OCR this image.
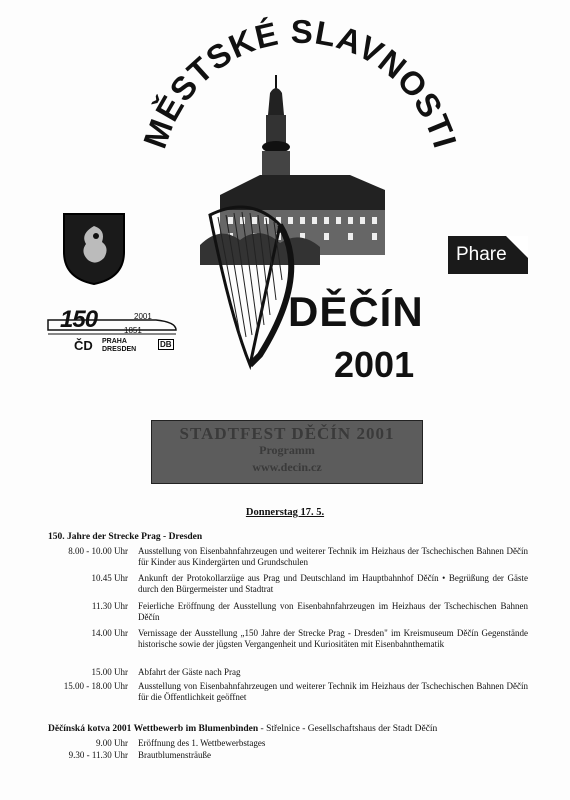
MĚSTSKÉ SLAVNOSTI
Phare
150	2001
1851
ČD PRAHA
DRESDEN
DB
DĚČÍN
2001
STADTFEST DĚČÍN 2001
Programm
www.decin.cz
Donnerstag 17. 5.
150. Jahre der Strecke Prag - Dresden
8.00 - 10.00 Uhr Ausstellung von Eisenbahnfahrzeugen und weiterer Technik im Heizhaus der Tschechischen Bahnen Děčín für Kinder aus Kindergärten und Grundschulen
10.45 Uhr Ankunft der Protokollarzüge aus Prag und Deutschland im Hauptbahnhof Děčín • Begrüßung der Gäste durch den Bürgermeister und Stadtrat
11.30 Uhr Feierliche Eröffnung der Ausstellung von Eisenbahnfahrzeugen im Heizhaus der Tschechischen Bahnen Děčín
14.00 Uhr Vernissage der Ausstellung „150 Jahre der Strecke Prag - Dresden" im Kreismuseum Děčín Gegenstände historische sowie der jügsten Vergangenheit und Kuriositäten mit Eisenbahnthematik
15.00 Uhr Abfahrt der Gäste nach Prag
15.00 - 18.00 Uhr Ausstellung von Eisenbahnfahrzeugen und weiterer Technik im Heizhaus der Tschechischen Bahnen Děčín für die Öffentlichkeit geöffnet
Děčínská kotva 2001 Wettbewerb im Blumenbinden - Střelnice - Gesellschaftshaus der Stadt Děčín
9.00 Uhr Eröffnung des 1. Wettbewerbstages
9.30 - 11.30 Uhr Brautblumensträuße
